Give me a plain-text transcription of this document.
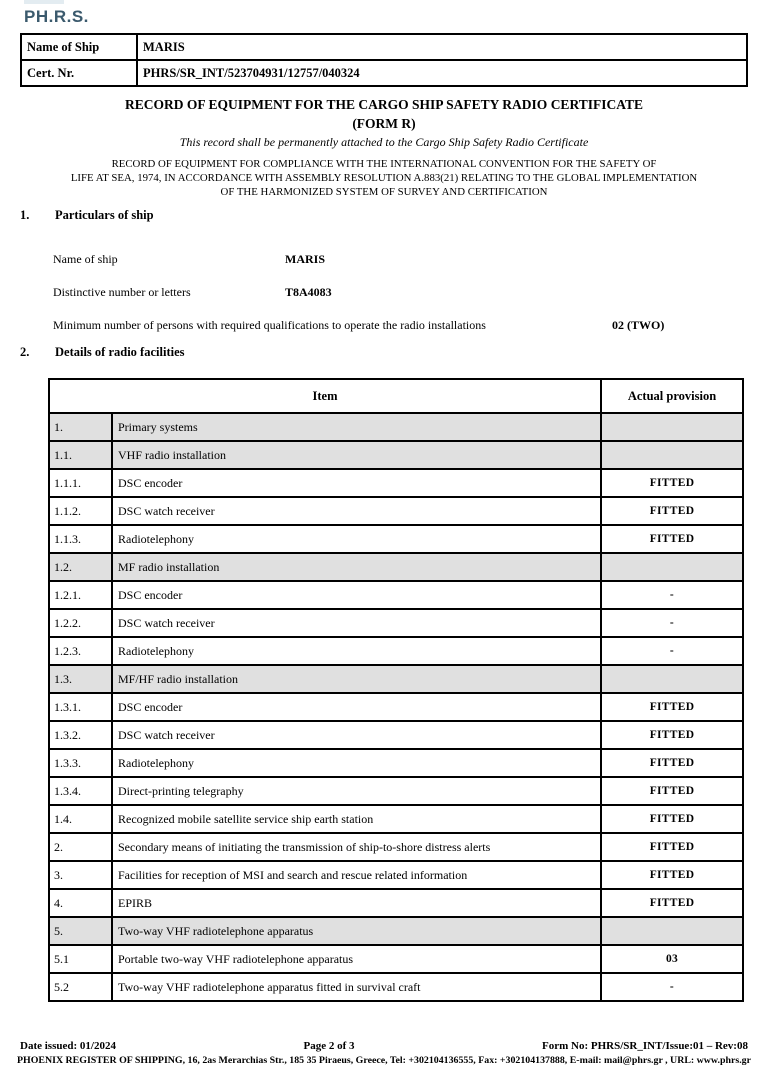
PH.R.S.
Name of Ship	MARIS
Cert. Nr.	PHRS/SR_INT/523704931/12757/040324
RECORD OF EQUIPMENT FOR THE CARGO SHIP SAFETY RADIO CERTIFICATE
(FORM R)
This record shall be permanently attached to the Cargo Ship Safety Radio Certificate
RECORD OF EQUIPMENT FOR COMPLIANCE WITH THE INTERNATIONAL CONVENTION FOR THE SAFETY OF
LIFE AT SEA, 1974, IN ACCORDANCE WITH ASSEMBLY RESOLUTION A.883(21) RELATING TO THE GLOBAL IMPLEMENTATION
OF THE HARMONIZED SYSTEM OF SURVEY AND CERTIFICATION
1.	Particulars of ship
Name of ship	MARIS
Distinctive number or letters	T8A4083
Minimum number of persons with required qualifications to operate the radio installations	02 (TWO)
2.	Details of radio facilities
Item		Actual provision
1.	Primary systems	
1.1.	VHF radio installation	
1.1.1.	DSC encoder	FITTED
1.1.2.	DSC watch receiver	FITTED
1.1.3.	Radiotelephony	FITTED
1.2.	MF radio installation	
1.2.1.	DSC encoder	-
1.2.2.	DSC watch receiver	-
1.2.3.	Radiotelephony	-
1.3.	MF/HF radio installation	
1.3.1.	DSC encoder	FITTED
1.3.2.	DSC watch receiver	FITTED
1.3.3.	Radiotelephony	FITTED
1.3.4.	Direct-printing telegraphy	FITTED
1.4.	Recognized mobile satellite service ship earth station	FITTED
2.	Secondary means of initiating the transmission of ship-to-shore distress alerts	FITTED
3.	Facilities for reception of MSI and search and rescue related information	FITTED
4.	EPIRB	FITTED
5.	Two-way VHF radiotelephone apparatus	
5.1	Portable two-way VHF radiotelephone apparatus	03
5.2	Two-way VHF radiotelephone apparatus fitted in survival craft	-
Date issued: 01/2024	Page 2 of 3	Form No: PHRS/SR_INT/Issue:01 – Rev:08
PHOENIX REGISTER OF SHIPPING, 16, 2as Merarchias Str., 185 35 Piraeus, Greece, Tel: +302104136555, Fax: +302104137888, E-mail: mail@phrs.gr , URL: www.phrs.gr
